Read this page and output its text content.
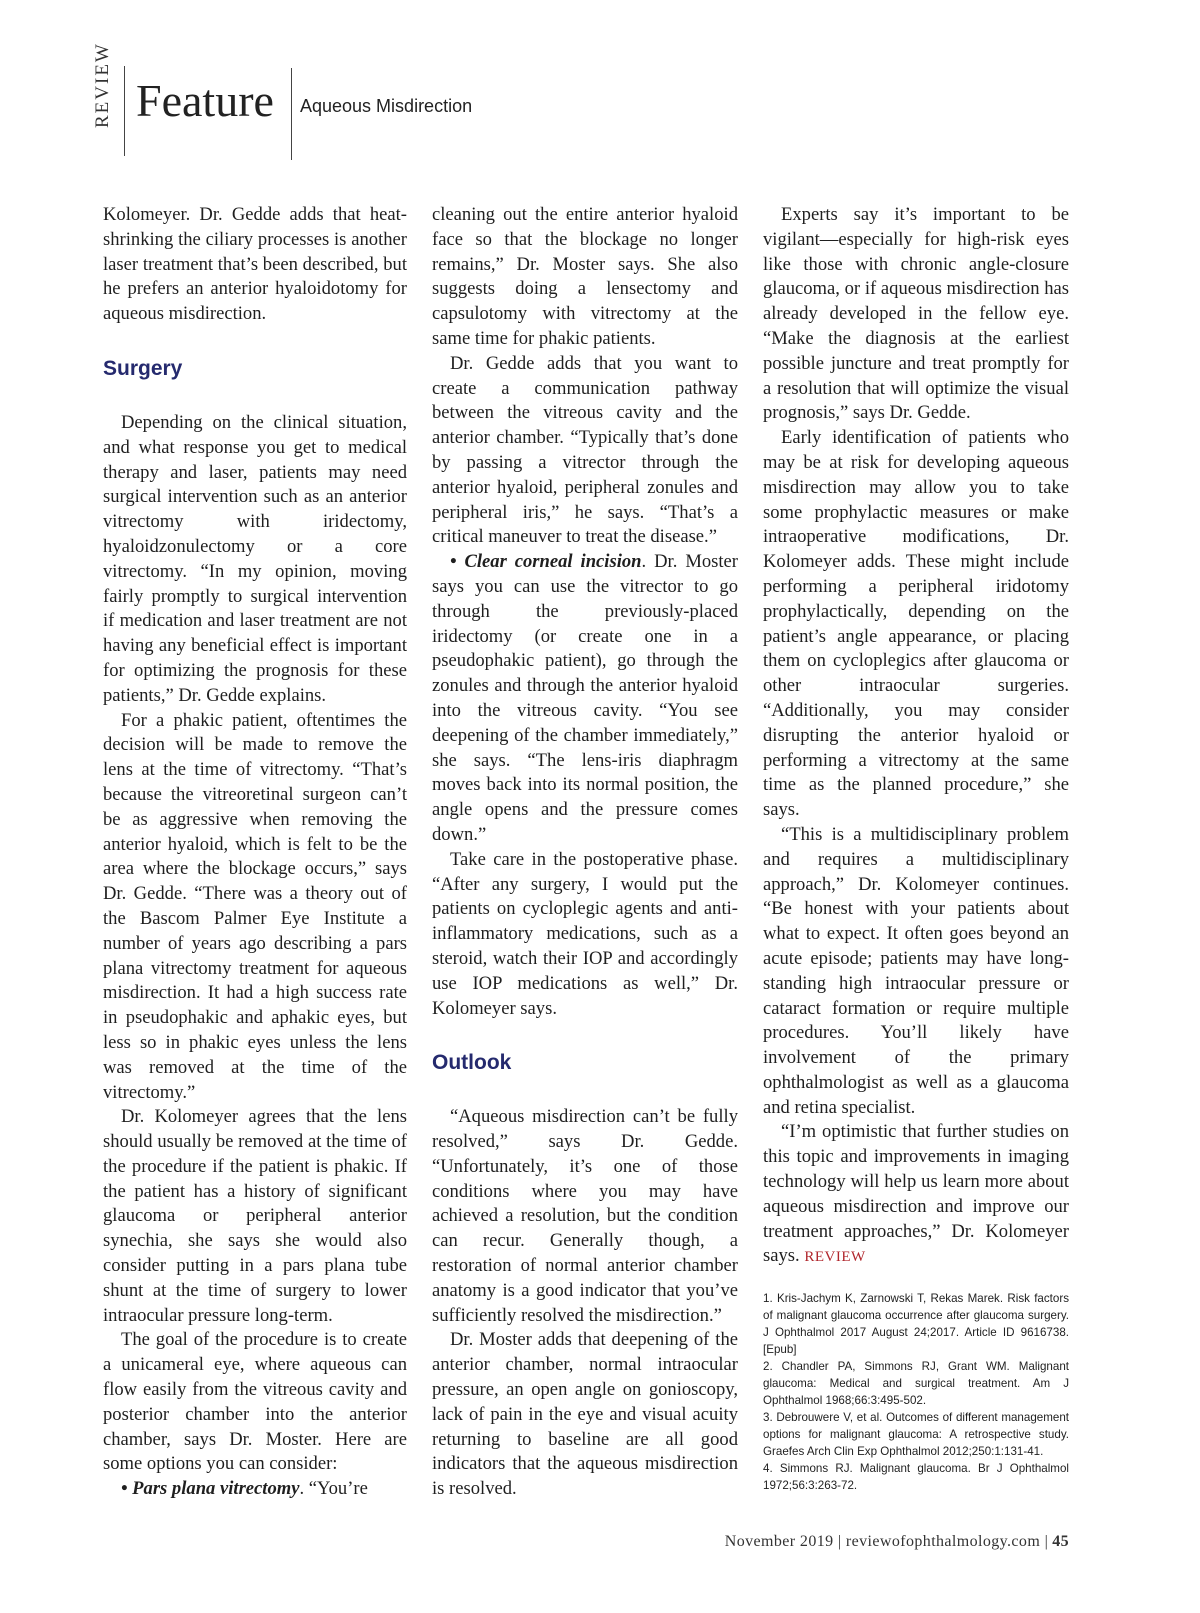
REVIEW Feature Aqueous Misdirection

Kolomeyer. Dr. Gedde adds that heat-shrinking the ciliary processes is another laser treatment that’s been described, but he prefers an anterior hyaloidotomy for aqueous misdirection.

Surgery

Depending on the clinical situation, and what response you get to medical therapy and laser, patients may need surgical intervention such as an anterior vitrectomy with iridectomy, hyaloidzonulectomy or a core vitrectomy. “In my opinion, moving fairly promptly to surgical intervention if medication and laser treatment are not having any beneficial effect is important for optimizing the prognosis for these patients,” Dr. Gedde explains.

For a phakic patient, oftentimes the decision will be made to remove the lens at the time of vitrectomy. “That’s because the vitreoretinal surgeon can’t be as aggressive when removing the anterior hyaloid, which is felt to be the area where the blockage occurs,” says Dr. Gedde. “There was a theory out of the Bascom Palmer Eye Institute a number of years ago describing a pars plana vitrectomy treatment for aqueous misdirection. It had a high success rate in pseudophakic and aphakic eyes, but less so in phakic eyes unless the lens was removed at the time of the vitrectomy.”

Dr. Kolomeyer agrees that the lens should usually be removed at the time of the procedure if the patient is phakic. If the patient has a history of significant glaucoma or peripheral anterior synechia, she says she would also consider putting in a pars plana tube shunt at the time of surgery to lower intraocular pressure long-term.

The goal of the procedure is to create a unicameral eye, where aqueous can flow easily from the vitreous cavity and posterior chamber into the anterior chamber, says Dr. Moster. Here are some options you can consider:

• Pars plana vitrectomy. “You’re

cleaning out the entire anterior hyaloid face so that the blockage no longer remains,” Dr. Moster says. She also suggests doing a lensectomy and capsulotomy with vitrectomy at the same time for phakic patients.

Dr. Gedde adds that you want to create a communication pathway between the vitreous cavity and the anterior chamber. “Typically that’s done by passing a vitrector through the anterior hyaloid, peripheral zonules and peripheral iris,” he says. “That’s a critical maneuver to treat the disease.”

• Clear corneal incision. Dr. Moster says you can use the vitrector to go through the previously-placed iridectomy (or create one in a pseudophakic patient), go through the zonules and through the anterior hyaloid into the vitreous cavity. “You see deepening of the chamber immediately,” she says. “The lens-iris diaphragm moves back into its normal position, the angle opens and the pressure comes down.”

Take care in the postoperative phase. “After any surgery, I would put the patients on cycloplegic agents and anti-inflammatory medications, such as a steroid, watch their IOP and accordingly use IOP medications as well,” Dr. Kolomeyer says.

Outlook

“Aqueous misdirection can’t be fully resolved,” says Dr. Gedde. “Unfortunately, it’s one of those conditions where you may have achieved a resolution, but the condition can recur. Generally though, a restoration of normal anterior chamber anatomy is a good indicator that you’ve sufficiently resolved the misdirection.”

Dr. Moster adds that deepening of the anterior chamber, normal intraocular pressure, an open angle on gonioscopy, lack of pain in the eye and visual acuity returning to baseline are all good indicators that the aqueous misdirection is resolved.

Experts say it’s important to be vigilant—especially for high-risk eyes like those with chronic angle-closure glaucoma, or if aqueous misdirection has already developed in the fellow eye. “Make the diagnosis at the earliest possible juncture and treat promptly for a resolution that will optimize the visual prognosis,” says Dr. Gedde.

Early identification of patients who may be at risk for developing aqueous misdirection may allow you to take some prophylactic measures or make intraoperative modifications, Dr. Kolomeyer adds. These might include performing a peripheral iridotomy prophylactically, depending on the patient’s angle appearance, or placing them on cycloplegics after glaucoma or other intraocular surgeries. “Additionally, you may consider disrupting the anterior hyaloid or performing a vitrectomy at the same time as the planned procedure,” she says.

“This is a multidisciplinary problem and requires a multidisciplinary approach,” Dr. Kolomeyer continues. “Be honest with your patients about what to expect. It often goes beyond an acute episode; patients may have long-standing high intraocular pressure or cataract formation or require multiple procedures. You’ll likely have involvement of the primary ophthalmologist as well as a glaucoma and retina specialist.

“I’m optimistic that further studies on this topic and improvements in imaging technology will help us learn more about aqueous misdirection and improve our treatment approaches,” Dr. Kolomeyer says. REVIEW

1. Kris-Jachym K, Zarnowski T, Rekas Marek. Risk factors of malignant glaucoma occurrence after glaucoma surgery. J Ophthalmol 2017 August 24;2017. Article ID 9616738. [Epub]
2. Chandler PA, Simmons RJ, Grant WM. Malignant glaucoma: Medical and surgical treatment. Am J Ophthalmol 1968;66:3:495-502.
3. Debrouwere V, et al. Outcomes of different management options for malignant glaucoma: A retrospective study. Graefes Arch Clin Exp Ophthalmol 2012;250:1:131-41.
4. Simmons RJ. Malignant glaucoma. Br J Ophthalmol 1972;56:3:263-72.
November 2019 | reviewofophthalmology.com | 45
